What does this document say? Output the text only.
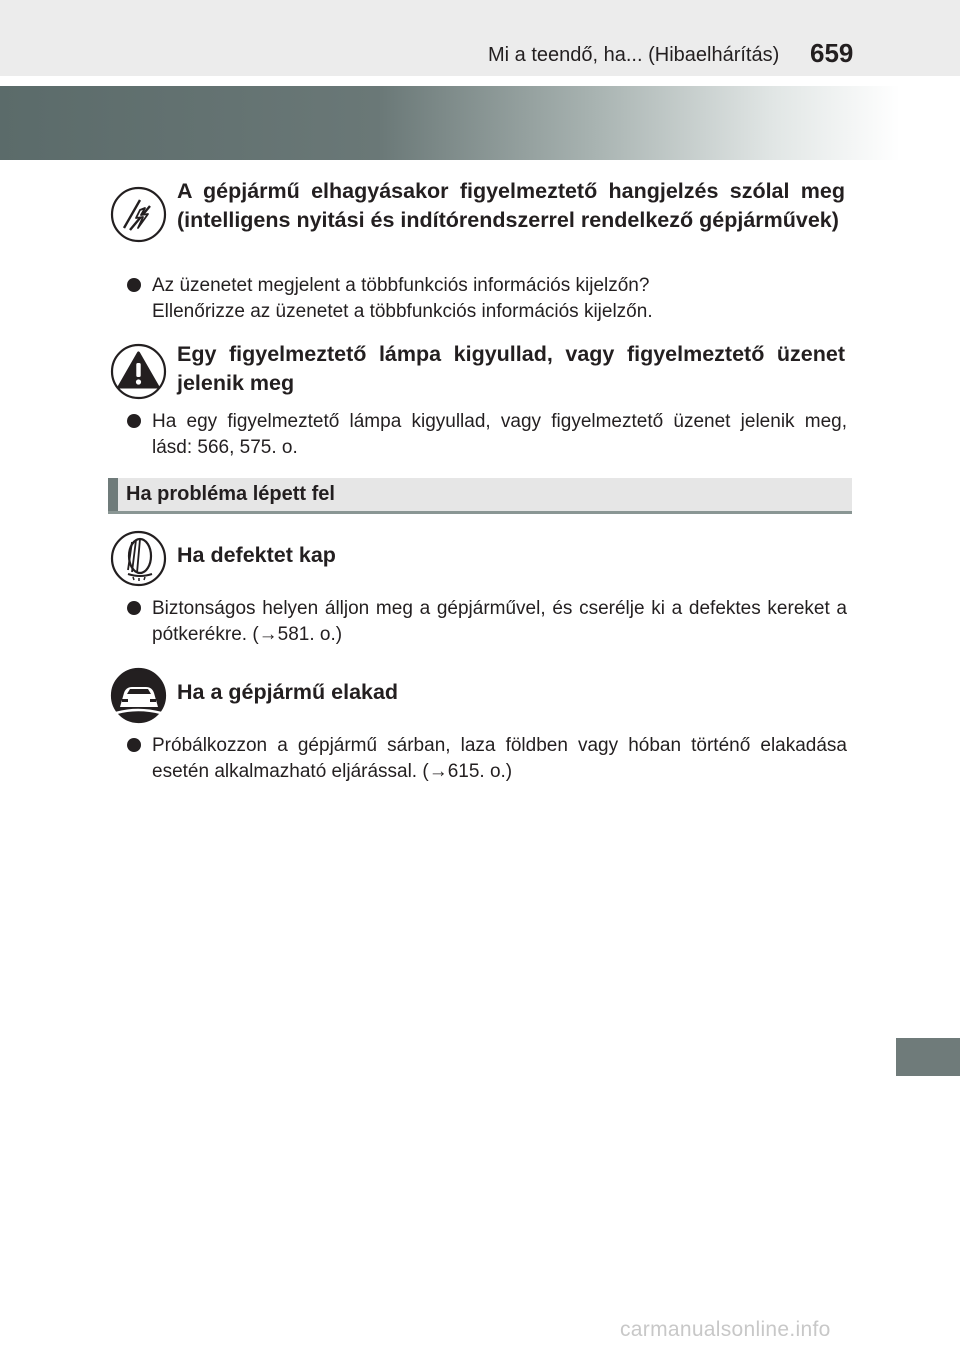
Mi a teendő, ha... (Hibaelhárítás) 659
A gépjármű elhagyásakor figyelmeztető hangjelzés szólal meg (intelligens nyitási és indítórendszerrel rendelkező gépjárművek)
Az üzenetet megjelent a többfunkciós információs kijelzőn?
Ellenőrizze az üzenetet a többfunkciós információs kijelzőn.
Egy figyelmeztető lámpa kigyullad, vagy figyelmeztető üzenet jelenik meg
Ha egy figyelmeztető lámpa kigyullad, vagy figyelmeztető üzenet jelenik meg, lásd: 566, 575. o.
Ha probléma lépett fel
Ha defektet kap
Biztonságos helyen álljon meg a gépjárművel, és cserélje ki a defektes kereket a pótkerékre. (→581. o.)
Ha a gépjármű elakad
Próbálkozzon a gépjármű sárban, laza földben vagy hóban történő elakadása esetén alkalmazható eljárással. (→615. o.)
carmanualsonline.info
